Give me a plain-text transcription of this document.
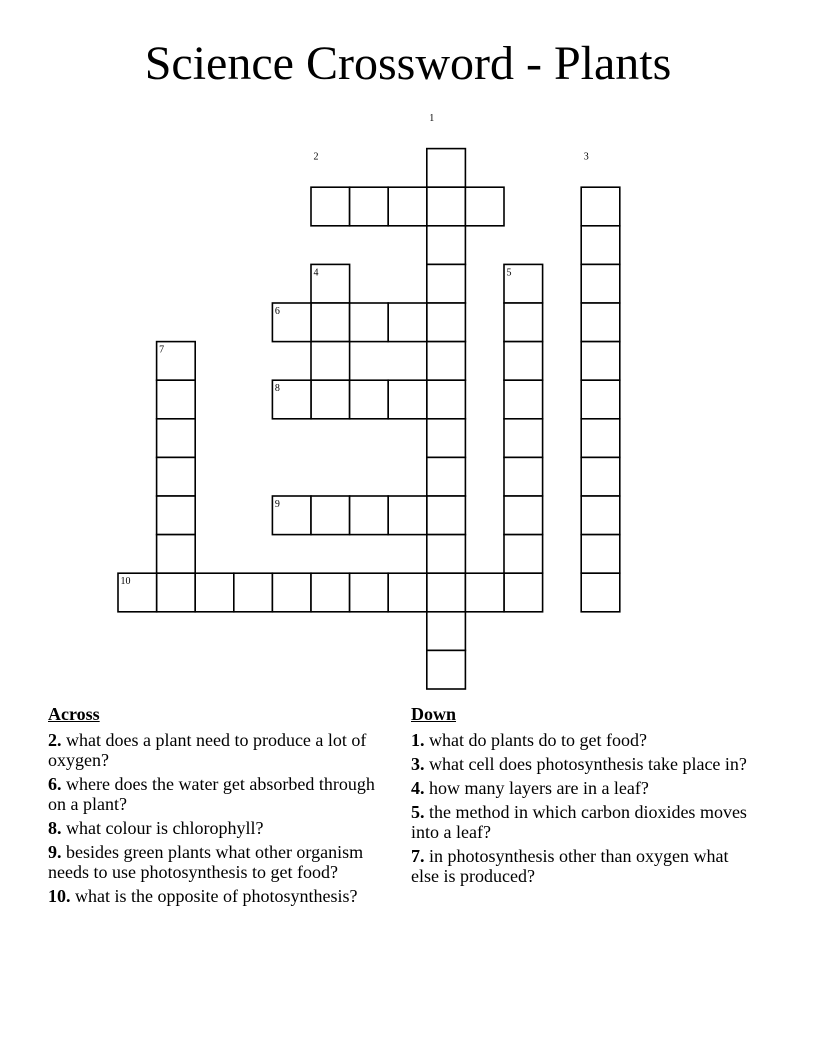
Science Crossword - Plants
1
2	3
4	5
6
7
8
9
10
Across
2. what does a plant need to produce a lot of oxygen?
6. where does the water get absorbed through on a plant?
8. what colour is chlorophyll?
9. besides green plants what other organism needs to use photosynthesis to get food?
10. what is the opposite of photosynthesis?
Down
1. what do plants do to get food?
3. what cell does photosynthesis take place in?
4. how many layers are in a leaf?
5. the method in which carbon dioxides moves into a leaf?
7. in photosynthesis other than oxygen what else is produced?
